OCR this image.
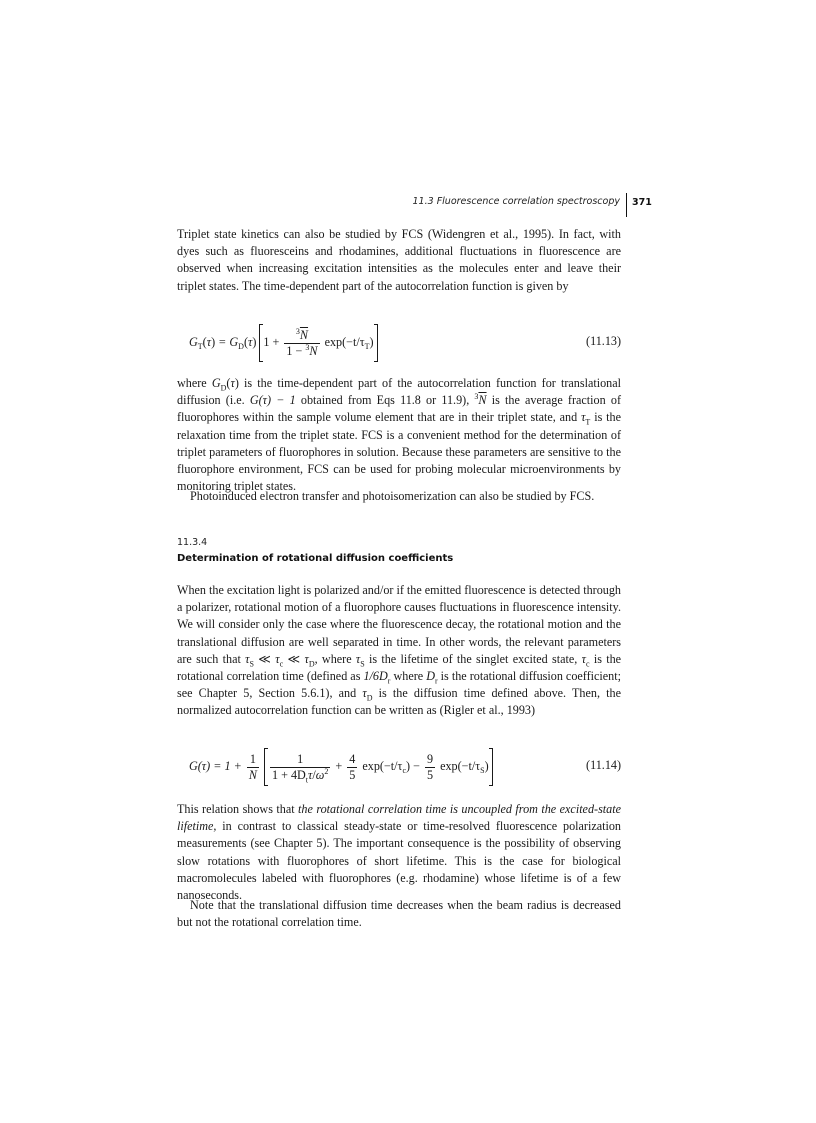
11.3 Fluorescence correlation spectroscopy 371

Triplet state kinetics can also be studied by FCS (Widengren et al., 1995). In fact, with dyes such as fluoresceins and rhodamines, additional fluctuations in fluorescence are observed when increasing excitation intensities as the molecules enter and leave their triplet states. The time-dependent part of the autocorrelation function is given by

$G_T(\tau) = G_D(\tau) 1 + \frac{^3\overline{N}}{1 - ^3\overline{N}} \exp(-t/\tau_T)$	(11.13)

where $G_D(\tau)$ is the time-dependent part of the autocorrelation function for translational diffusion (i.e. G(τ) − 1 obtained from Eqs 11.8 or 11.9), $^3\overline{N}$ is the average fraction of fluorophores within the sample volume element that are in their triplet state, and $\tau_T$ is the relaxation time from the triplet state. FCS is a convenient method for the determination of triplet parameters of fluorophores in solution. Because these parameters are sensitive to the fluorophore environment, FCS can be used for probing molecular microenvironments by monitoring triplet states.

Photoinduced electron transfer and photoisomerization can also be studied by FCS.

11.3.4
Determination of rotational diffusion coefficients

When the excitation light is polarized and/or if the emitted fluorescence is detected through a polarizer, rotational motion of a fluorophore causes fluctuations in fluorescence intensity. We will consider only the case where the fluorescence decay, the rotational motion and the translational diffusion are well separated in time. In other words, the relevant parameters are such that $\tau_S$ ≪ $\tau_c$ ≪ $\tau_D$, where $\tau_S$ is the lifetime of the singlet excited state, $\tau_c$ is the rotational correlation time (defined as $1/6D_r$ where $D_r$ is the rotational diffusion coefficient; see Chapter 5, Section 5.6.1), and $\tau_D$ is the diffusion time defined above. Then, the normalized autocorrelation function can be written as (Rigler et al., 1993)

$G(\tau) = 1 + \frac{1}{N}$
$\frac{1}{1 + 4D_t\tau/\omega^2} + \frac{4}{5} \exp(-t/\tau_c) - \frac{9}{5} \exp(-t/\tau_S)$	(11.14)

This relation shows that the rotational correlation time is uncoupled from the excited-state lifetime, in contrast to classical steady-state or time-resolved fluorescence polarization measurements (see Chapter 5). The important consequence is the possibility of observing slow rotations with fluorophores of short lifetime. This is the case for biological macromolecules labeled with fluorophores (e.g. rhodamine) whose lifetime is of a few nanoseconds.

Note that the translational diffusion time decreases when the beam radius is decreased but not the rotational correlation time.
